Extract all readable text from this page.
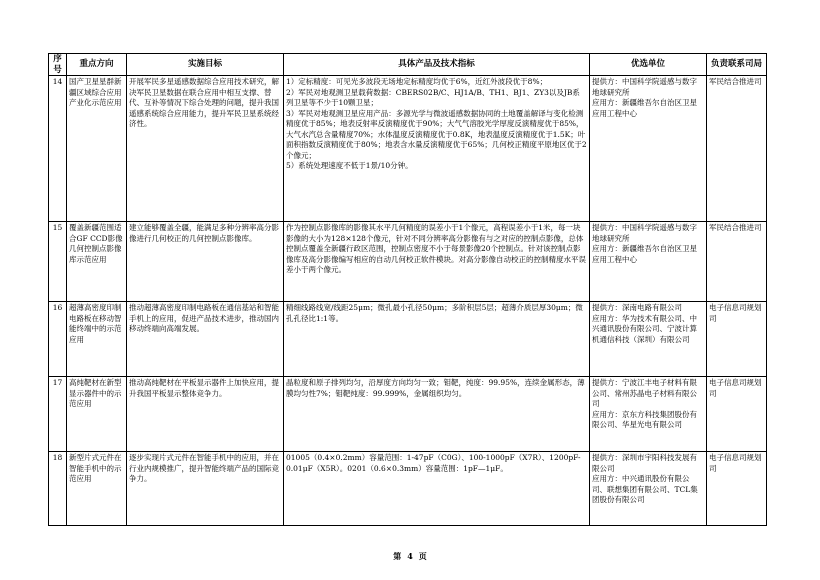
序号	重点方向	实施目标	具体产品及技术指标	优选单位	负责联系司局
14	国产卫星星群新疆区域综合应用产业化示范应用	开展军民多星遥感数据综合应用技术研究，解决军民卫星数据在联合应用中相互支撑、替代、互补等情况下综合处理的问题，提升我国遥感系统综合应用能力，提升军民卫星系统经济性。	1）定标精度：可见光多波段无场地定标精度均优于6%，近红外波段优于8%；
2）军民对地观测卫星载荷数据：CBERS02B/C、HJ1A/B、TH1、BJ1、ZY3以及JB系列卫星等不少于10颗卫星；
3）军民对地观测卫星应用产品：多源光学与微波遥感数据协同的土地覆盖解译与变化检测精度优于85%；地表反射率反演精度优于90%；大气气溶胶光学厚度反演精度优于85%，大气水汽总含量精度70%；水体温度反演精度优于0.8K，地表温度反演精度优于1.5K；叶面积指数反演精度优于80%；地表含水量反演精度优于65%；几何校正精度平原地区优于2个像元；
5）系统处理速度不低于1景/10分钟。	提供方：中国科学院遥感与数字地球研究所
应用方：新疆维吾尔自治区卫星应用工程中心	军民结合推进司
15	覆盖新疆范围适合GF CCD影像几何控制点影像库示范应用	建立能够覆盖全疆，能满足多种分辨率高分影像进行几何校正的几何控制点影像库。	作为控制点影像库的影像其水平几何精度的误差小于1个像元，高程误差小于1米，每一块影像的大小为128×128个像元，针对不同分辨率高分影像有与之对应的控制点影像，总体控制点覆盖全新疆行政区范围，控制点密度不小于每景影像20个控制点。针对该控制点影像库及高分影像编写相应的自动几何校正软件模块。对高分影像自动校正的控制精度水平误差小于两个像元。	提供方：中国科学院遥感与数字地球研究所
应用方：新疆维吾尔自治区卫星应用工程中心	军民结合推进司
16	超薄高密度印制电路板在移动智能终端中的示范应用	推动超薄高密度印制电路板在通信基站和智能手机上的应用，促进产品技术进步，推动国内移动终端向高端发展。	精细线路线宽/线距25μm；微孔最小孔径50μm；多阶积层5层；超薄介质层厚30μm；微孔孔径比1:1等。	提供方：深南电路有限公司
应用方：华为技术有限公司、中兴通讯股份有限公司、宁波计算机通信科技（深圳）有限公司	电子信息司规划司
17	高纯靶材在新型显示器件中的示范应用	推动高纯靶材在平板显示器件上加快应用，提升我国平板显示整体竞争力。	晶粒度和原子排列均匀，沿厚度方向均匀一致；钼靶，纯度：99.95%，连续金属形态，薄膜均匀性7%；钼靶纯度：99.999%，金属组织均匀。	提供方：宁波江丰电子材料有限公司、常州苏晶电子材料有限公司
应用方：京东方科技集团股份有限公司、华星光电有限公司	电子信息司规划司
18	新型片式元件在智能手机中的示范应用	逐步实现片式元件在智能手机中的应用，并在行业内规模推广，提升智能终端产品的国际竞争力。	01005（0.4×0.2mm）容量范围：1-47pF（C0G）、100-1000pF（X7R）、1200pF-0.01μF（X5R）。0201（0.6×0.3mm）容量范围：1pF—1μF。	提供方：深圳市宇阳科技发展有限公司
应用方：中兴通讯股份有限公司、联想集团有限公司、TCL集团股份有限公司	电子信息司规划司
第 4 页
